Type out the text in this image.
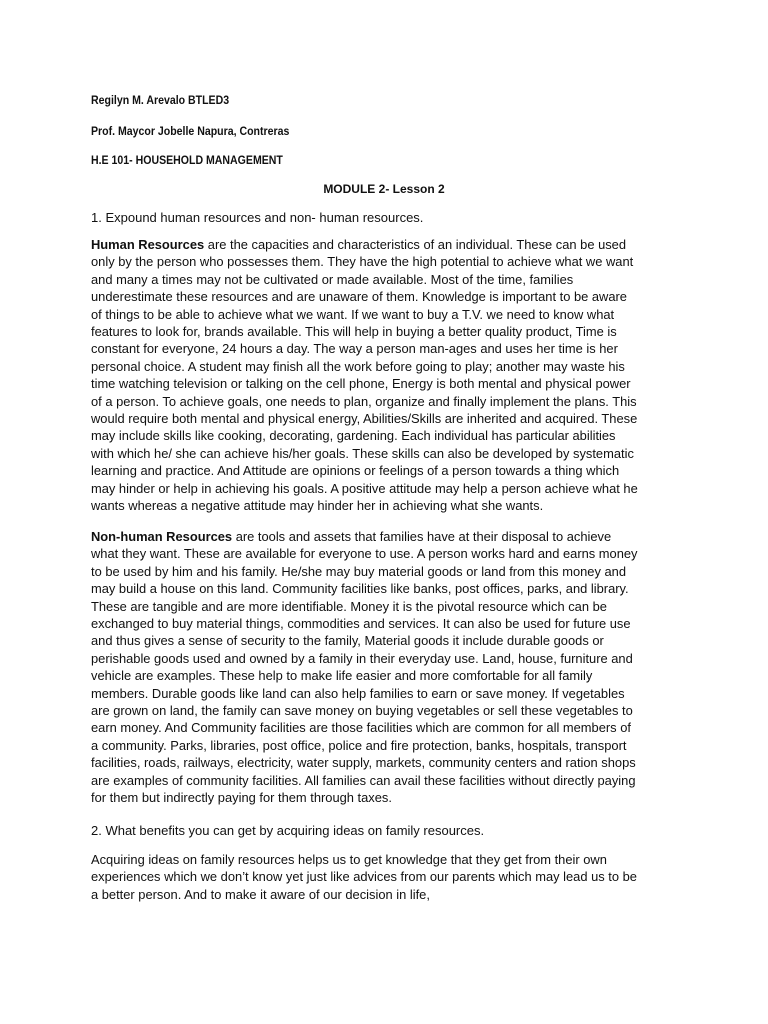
Regilyn M. Arevalo BTLED3
Prof. Maycor Jobelle Napura, Contreras
H.E 101- HOUSEHOLD MANAGEMENT
MODULE 2- Lesson 2
1. Expound human resources and non- human resources.
Human Resources are the capacities and characteristics of an individual. These can be used
only by the person who possesses them. They have the high potential to achieve what we want
and many a times may not be cultivated or made available. Most of the time, families
underestimate these resources and are unaware of them. Knowledge is important to be aware
of things to be able to achieve what we want. If we want to buy a T.V. we need to know what
features to look for, brands available. This will help in buying a better quality product, Time is
constant for everyone, 24 hours a day. The way a person man-ages and uses her time is her
personal choice. A student may finish all the work before going to play; another may waste his
time watching television or talking on the cell phone, Energy is both mental and physical power
of a person. To achieve goals, one needs to plan, organize and finally implement the plans. This
would require both mental and physical energy, Abilities/Skills are inherited and acquired. These
may include skills like cooking, decorating, gardening. Each individual has particular abilities
with which he/ she can achieve his/her goals. These skills can also be developed by systematic
learning and practice. And Attitude are opinions or feelings of a person towards a thing which
may hinder or help in achieving his goals. A positive attitude may help a person achieve what he
wants whereas a negative attitude may hinder her in achieving what she wants.
Non-human Resources are tools and assets that families have at their disposal to achieve
what they want. These are available for everyone to use. A person works hard and earns money
to be used by him and his family. He/she may buy material goods or land from this money and
may build a house on this land. Community facilities like banks, post offices, parks, and library.
These are tangible and are more identifiable. Money it is the pivotal resource which can be
exchanged to buy material things, commodities and services. It can also be used for future use
and thus gives a sense of security to the family, Material goods it include durable goods or
perishable goods used and owned by a family in their everyday use. Land, house, furniture and
vehicle are examples. These help to make life easier and more comfortable for all family
members. Durable goods like land can also help families to earn or save money. If vegetables
are grown on land, the family can save money on buying vegetables or sell these vegetables to
earn money. And Community facilities are those facilities which are common for all members of
a community. Parks, libraries, post office, police and fire protection, banks, hospitals, transport
facilities, roads, railways, electricity, water supply, markets, community centers and ration shops
are examples of community facilities. All families can avail these facilities without directly paying
for them but indirectly paying for them through taxes.
2. What benefits you can get by acquiring ideas on family resources.
Acquiring ideas on family resources helps us to get knowledge that they get from their own
experiences which we don’t know yet just like advices from our parents which may lead us to be
a better person. And to make it aware of our decision in life,
